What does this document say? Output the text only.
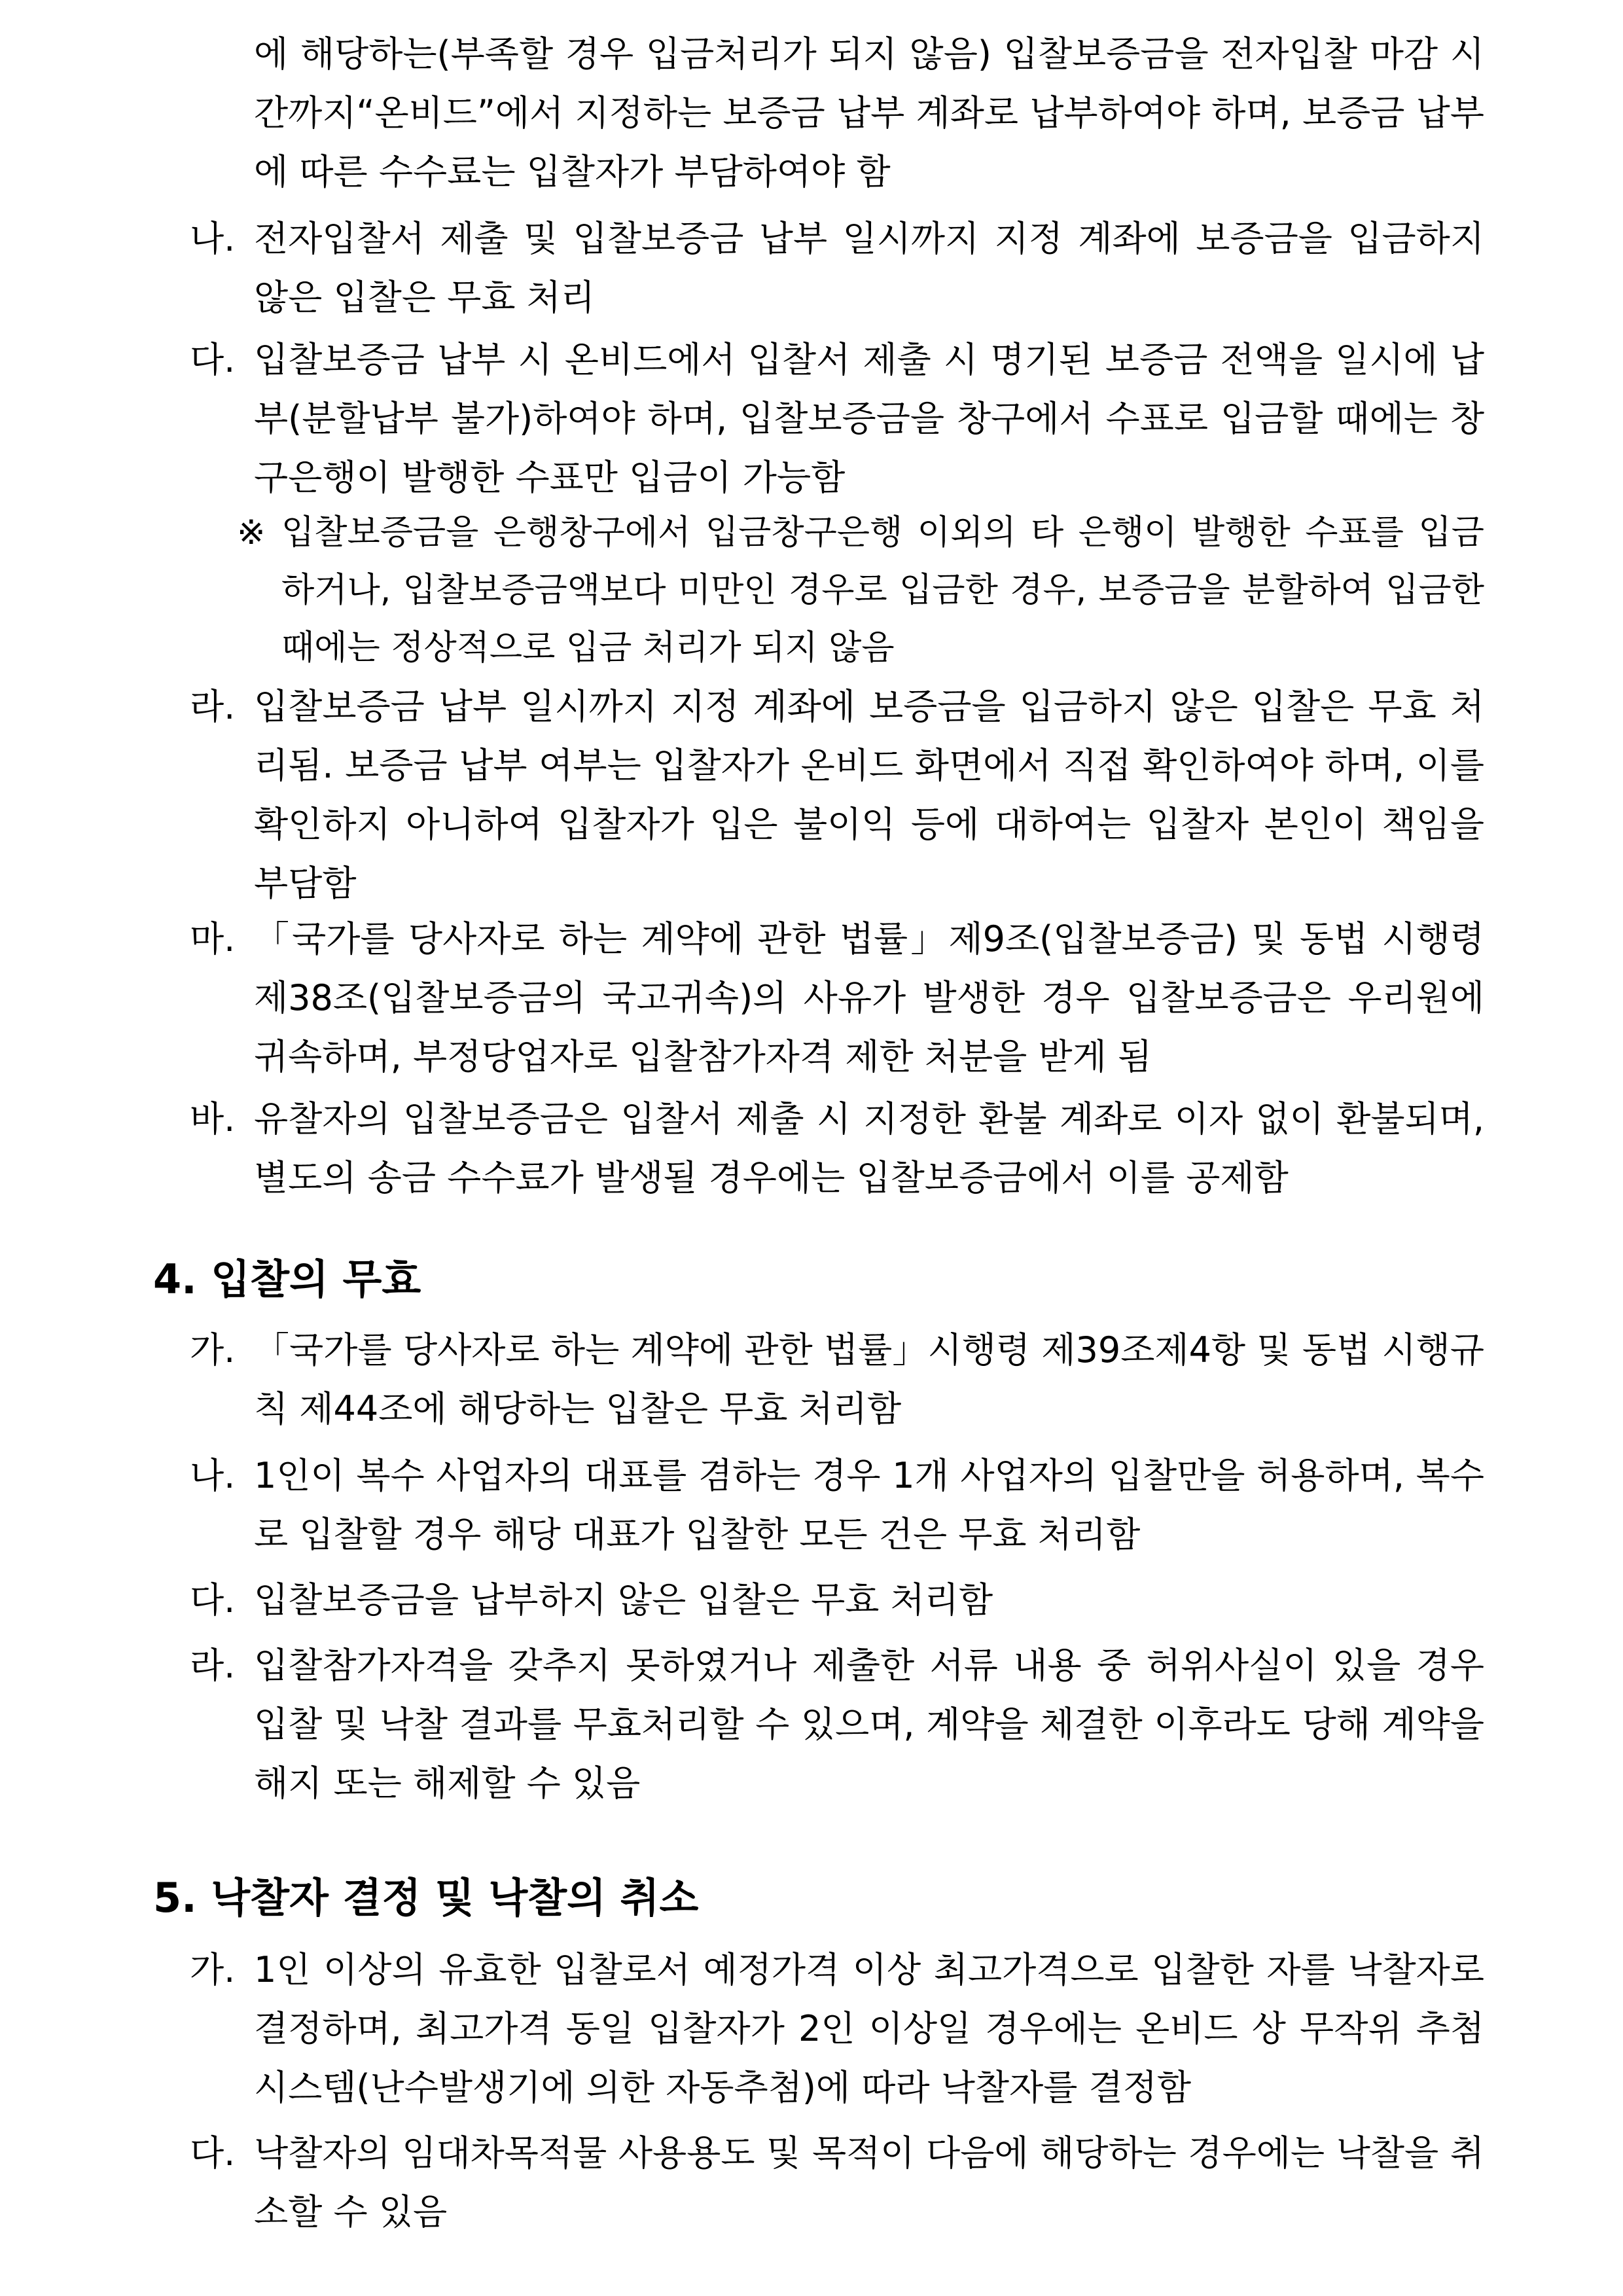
에 해당하는(부족할 경우 입금처리가 되지 않음) 입찰보증금을 전자입찰 마감 시간까지“온비드”에서 지정하는 보증금 납부 계좌로 납부하여야 하며, 보증금 납부에 따른 수수료는 입찰자가 부담하여야 함
나. 전자입찰서 제출 및 입찰보증금 납부 일시까지 지정 계좌에 보증금을 입금하지 않은 입찰은 무효 처리
다. 입찰보증금 납부 시 온비드에서 입찰서 제출 시 명기된 보증금 전액을 일시에 납부(분할납부 불가)하여야 하며, 입찰보증금을 창구에서 수표로 입금할 때에는 창구은행이 발행한 수표만 입금이 가능함
※ 입찰보증금을 은행창구에서 입금창구은행 이외의 타 은행이 발행한 수표를 입금하거나, 입찰보증금액보다 미만인 경우로 입금한 경우, 보증금을 분할하여 입금한 때에는 정상적으로 입금 처리가 되지 않음
라. 입찰보증금 납부 일시까지 지정 계좌에 보증금을 입금하지 않은 입찰은 무효 처리됨. 보증금 납부 여부는 입찰자가 온비드 화면에서 직접 확인하여야 하며, 이를 확인하지 아니하여 입찰자가 입은 불이익 등에 대하여는 입찰자 본인이 책임을 부담함
마. 「국가를 당사자로 하는 계약에 관한 법률」제9조(입찰보증금) 및 동법 시행령 제38조(입찰보증금의 국고귀속)의 사유가 발생한 경우 입찰보증금은 우리원에 귀속하며, 부정당업자로 입찰참가자격 제한 처분을 받게 됨
바. 유찰자의 입찰보증금은 입찰서 제출 시 지정한 환불 계좌로 이자 없이 환불되며, 별도의 송금 수수료가 발생될 경우에는 입찰보증금에서 이를 공제함
4. 입찰의 무효
가. 「국가를 당사자로 하는 계약에 관한 법률」시행령 제39조제4항 및 동법 시행규칙 제44조에 해당하는 입찰은 무효 처리함
나. 1인이 복수 사업자의 대표를 겸하는 경우 1개 사업자의 입찰만을 허용하며, 복수로 입찰할 경우 해당 대표가 입찰한 모든 건은 무효 처리함
다. 입찰보증금을 납부하지 않은 입찰은 무효 처리함
라. 입찰참가자격을 갖추지 못하였거나 제출한 서류 내용 중 허위사실이 있을 경우 입찰 및 낙찰 결과를 무효처리할 수 있으며, 계약을 체결한 이후라도 당해 계약을 해지 또는 해제할 수 있음
5. 낙찰자 결정 및 낙찰의 취소
가. 1인 이상의 유효한 입찰로서 예정가격 이상 최고가격으로 입찰한 자를 낙찰자로 결정하며, 최고가격 동일 입찰자가 2인 이상일 경우에는 온비드 상 무작위 추첨시스템(난수발생기에 의한 자동추첨)에 따라 낙찰자를 결정함
다. 낙찰자의 임대차목적물 사용용도 및 목적이 다음에 해당하는 경우에는 낙찰을 취소할 수 있음
